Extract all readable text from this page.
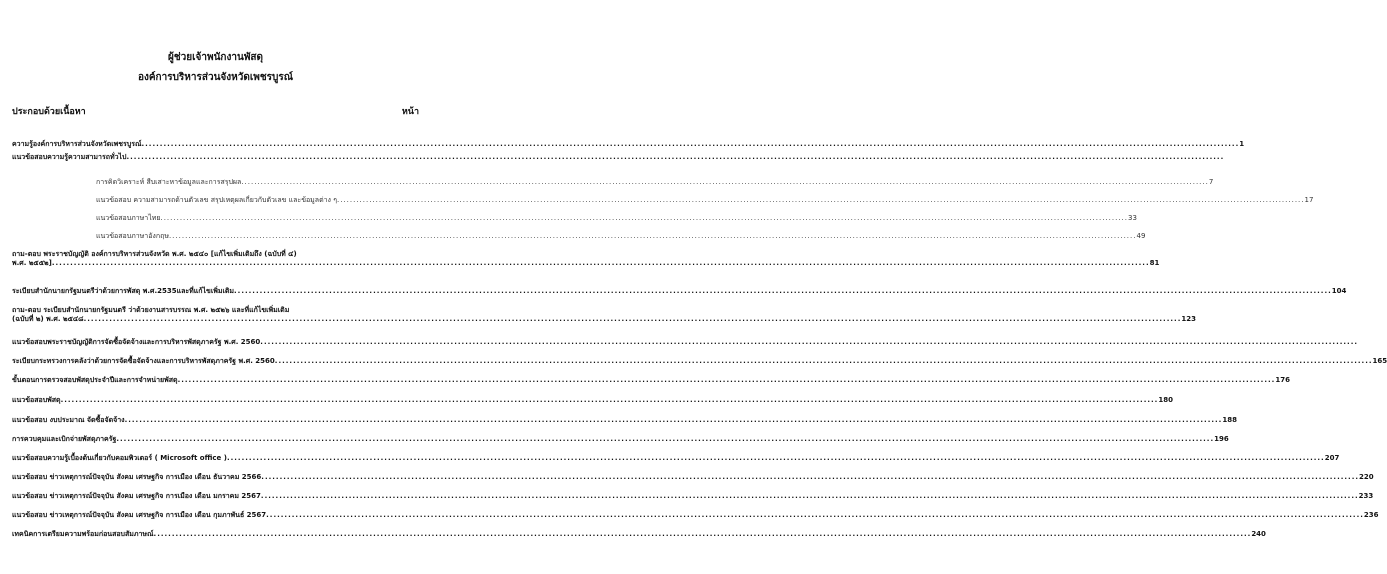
ผู้ช่วยเจ้าพนักงานพัสดุ
องค์การบริหารส่วนจังหวัดเพชรบูรณ์
ประกอบด้วยเนื้อหา	หน้า
ความรู้องค์การบริหารส่วนจังหวัดเพชรบูรณ์ ............................................................................................................................................................................................................................................................................................................ 1
แนวข้อสอบความรู้ความสามารถทั่วไป ............................................................................................................................................................................................................................................................................................................
การคิดวิเคราะห์ สืบเสาะหาข้อมูลและการสรุปผล ............................................................................................................................................................................................................................................................................................................ 7
แนวข้อสอบ ความสามารถด้านตัวเลข สรุปเหตุผลเกี่ยวกับตัวเลข และข้อมูลต่าง ๆ ............................................................................................................................................................................................................................................................................................................ 17
แนวข้อสอบภาษาไทย ............................................................................................................................................................................................................................................................................................................ 33
แนวข้อสอบภาษาอังกฤษ ............................................................................................................................................................................................................................................................................................................ 49
ถาม-ตอบ พระราชบัญญัติ องค์การบริหารส่วนจังหวัด พ.ศ. ๒๕๔๐ [แก้ไขเพิ่มเติมถึง (ฉบับที่ ๔)
พ.ศ. ๒๕๕๒] ............................................................................................................................................................................................................................................................................................................ 81
ระเบียบสำนักนายกรัฐมนตรีว่าด้วยการพัสดุ พ.ศ.2535และที่แก้ไขเพิ่มเติม ............................................................................................................................................................................................................................................................................................................ 104
ถาม-ตอบ ระเบียบสำนักนายกรัฐมนตรี ว่าด้วยงานสารบรรณ พ.ศ. ๒๕๒๖ และที่แก้ไขเพิ่มเติม
(ฉบับที่ ๒) พ.ศ. ๒๕๔๘ ............................................................................................................................................................................................................................................................................................................ 123
แนวข้อสอบพระราชบัญญัติการจัดซื้อจัดจ้างและการบริหารพัสดุภาครัฐ พ.ศ. 2560 ............................................................................................................................................................................................................................................................................................................
ระเบียบกระทรวงการคลังว่าด้วยการจัดซื้อจัดจ้างและการบริหารพัสดุภาครัฐ พ.ศ. 2560 ............................................................................................................................................................................................................................................................................................................ 165
ขั้นตอนการตรวจสอบพัสดุประจำปีและการจำหน่ายพัสดุ ............................................................................................................................................................................................................................................................................................................ 176
แนวข้อสอบพัสดุ ............................................................................................................................................................................................................................................................................................................ 180
แนวข้อสอบ งบประมาณ จัดซื้อจัดจ้าง ............................................................................................................................................................................................................................................................................................................ 188
การควบคุมและเบิกจ่ายพัสดุภาครัฐ ............................................................................................................................................................................................................................................................................................................ 196
แนวข้อสอบความรู้เบื้องต้นเกี่ยวกับคอมพิวเตอร์ ( Microsoft office ) ............................................................................................................................................................................................................................................................................................................ 207
แนวข้อสอบ ข่าวเหตุการณ์ปัจจุบัน สังคม เศรษฐกิจ การเมือง เดือน ธันวาคม 2566 ............................................................................................................................................................................................................................................................................................................ 220
แนวข้อสอบ ข่าวเหตุการณ์ปัจจุบัน สังคม เศรษฐกิจ การเมือง เดือน มกราคม 2567 ............................................................................................................................................................................................................................................................................................................ 233
แนวข้อสอบ ข่าวเหตุการณ์ปัจจุบัน สังคม เศรษฐกิจ การเมือง เดือน กุมภาพันธ์ 2567 ............................................................................................................................................................................................................................................................................................................ 236
เทคนิคการเตรียมความพร้อมก่อนสอบสัมภาษณ์ ............................................................................................................................................................................................................................................................................................................ 240
